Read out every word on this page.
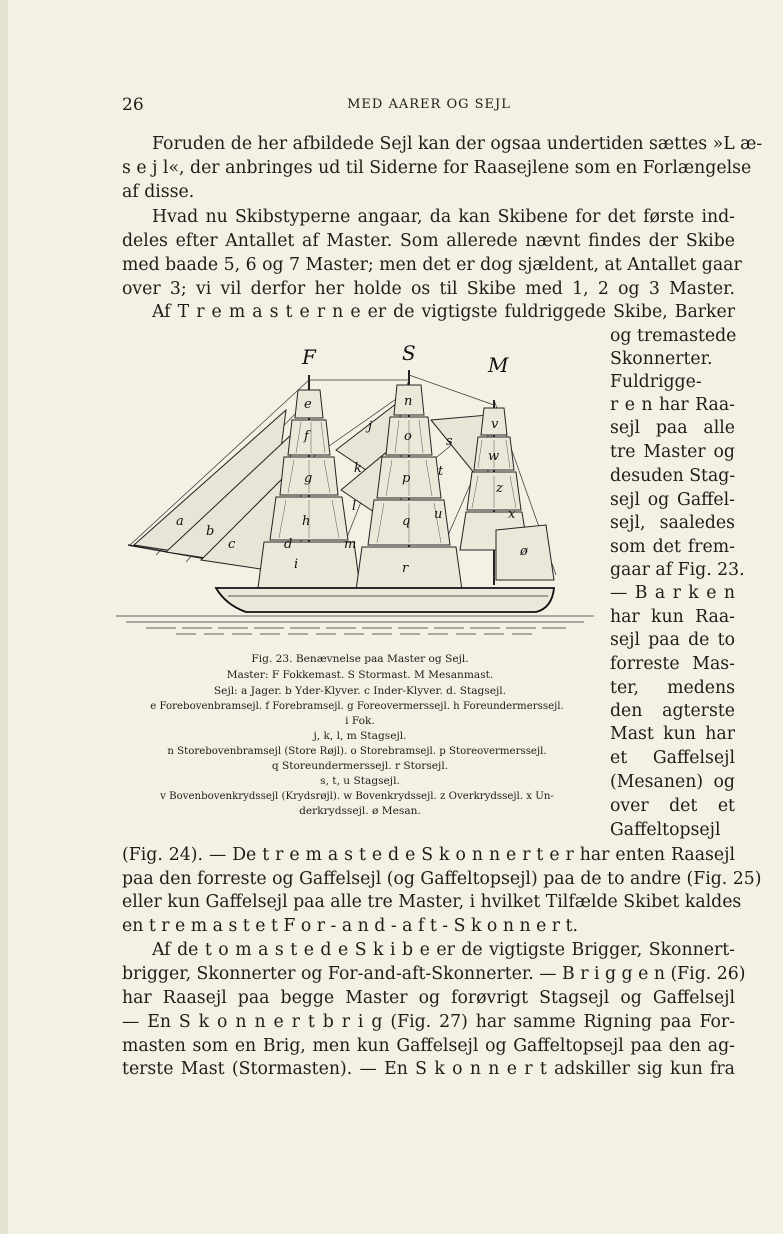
26	MED AARER OG SEJL
Foruden de her afbildede Sejl kan der ogsaa undertiden sættes »L æ-
s e j l«, der anbringes ud til Siderne for Raasejlene som en Forlængelse
af disse.
Hvad nu Skibstyperne angaar, da kan Skibene for det første ind-
deles efter Antallet af Master. Som allerede nævnt findes der Skibe
med baade 5, 6 og 7 Master; men det er dog sjældent, at Antallet gaar
over 3; vi vil derfor her holde os til Skibe med 1, 2 og 3 Master.
Af T r e m a s t e r n e er de vigtigste fuldriggede Skibe, Barker
og tremastede
Skonnerter.
Fuldrigge-
r e n har Raa-
sejl paa alle
tre Master og
desuden Stag-
sejl og Gaffel-
sejl, saaledes
som det frem-
gaar af Fig. 23.
— B a r k e n
har kun Raa-
sejl paa de to
forreste Mas-
ter, medens
den agterste
Mast kun har
et Gaffelsejl
(Mesanen) og
over det et
Gaffeltopsejl
F	S	M
a
b
c	d
e
f
g
h
i
j
k
l
m
n
o
p
q
r
s
t
u
v
w
x
z
ø
Fig. 23. Benævnelse paa Master og Sejl.
Master: F Fokkemast. S Stormast. M Mesanmast.
Sejl: a Jager. b Yder-Klyver. c Inder-Klyver. d. Stagsejl.
e Forebovenbramsejl. f Forebramsejl. g Foreovermerssejl. h Foreundermerssejl.
i Fok.
j, k, l, m Stagsejl.
n Storebovenbramsejl (Store Røjl). o Storebramsejl. p Storeovermerssejl.
q Storeundermerssejl. r Storsejl.
s, t, u Stagsejl.
v Bovenbovenkrydssejl (Krydsrøjl). w Bovenkrydssejl. z Overkrydssejl. x Un-
derkrydssejl. ø Mesan.
(Fig. 24). — De t r e m a s t e d e S k o n n e r t e r har enten Raasejl
paa den forreste og Gaffelsejl (og Gaffeltopsejl) paa de to andre (Fig. 25)
eller kun Gaffelsejl paa alle tre Master, i hvilket Tilfælde Skibet kaldes
en t r e m a s t e t F o r - a n d - a f t - S k o n n e r t.
Af de t o m a s t e d e S k i b e er de vigtigste Brigger, Skonnert-
brigger, Skonnerter og For-and-aft-Skonnerter. — B r i g g e n (Fig. 26)
har Raasejl paa begge Master og forøvrigt Stagsejl og Gaffelsejl
— En S k o n n e r t b r i g (Fig. 27) har samme Rigning paa For-
masten som en Brig, men kun Gaffelsejl og Gaffeltopsejl paa den ag-
terste Mast (Stormasten). — En S k o n n e r t adskiller sig kun fra
